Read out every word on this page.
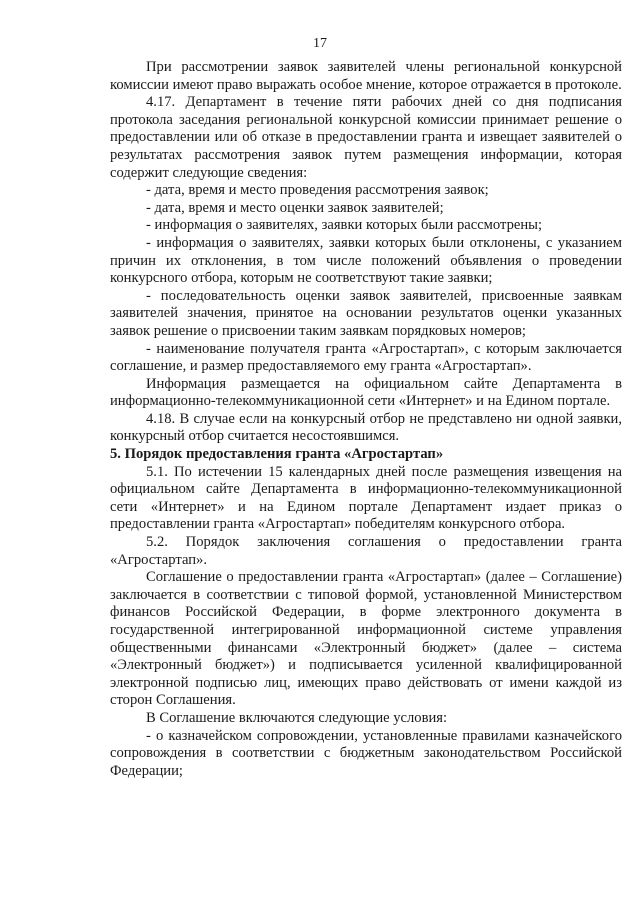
17

При рассмотрении заявок заявителей члены региональной конкурсной комиссии имеют право выражать особое мнение, которое отражается в протоколе.

4.17. Департамент в течение пяти рабочих дней со дня подписания протокола заседания региональной конкурсной комиссии принимает решение о предоставлении или об отказе в предоставлении гранта и извещает заявителей о результатах рассмотрения заявок путем размещения информации, которая содержит следующие сведения:

- дата, время и место проведения рассмотрения заявок;

- дата, время и место оценки заявок заявителей;

- информация о заявителях, заявки которых были рассмотрены;

- информация о заявителях, заявки которых были отклонены, с указанием причин их отклонения, в том числе положений объявления о проведении конкурсного отбора, которым не соответствуют такие заявки;

- последовательность оценки заявок заявителей, присвоенные заявкам заявителей значения, принятое на основании результатов оценки указанных заявок решение о присвоении таким заявкам порядковых номеров;

- наименование получателя гранта «Агростартап», с которым заключается соглашение, и размер предоставляемого ему гранта «Агростартап».

Информация размещается на официальном сайте Департамента в информационно-телекоммуникационной сети «Интернет» и на Едином портале.

4.18. В случае если на конкурсный отбор не представлено ни одной заявки, конкурсный отбор считается несостоявшимся.

5. Порядок предоставления гранта «Агростартап»

5.1. По истечении 15 календарных дней после размещения извещения на официальном сайте Департамента в информационно-телекоммуникационной сети «Интернет» и на Едином портале Департамент издает приказ о предоставлении гранта «Агростартап» победителям конкурсного отбора.

5.2. Порядок заключения соглашения о предоставлении гранта «Агростартап».

Соглашение о предоставлении гранта «Агростартап» (далее – Соглашение) заключается в соответствии с типовой формой, установленной Министерством финансов Российской Федерации, в форме электронного документа в государственной интегрированной информационной системе управления общественными финансами «Электронный бюджет» (далее – система «Электронный бюджет») и подписывается усиленной квалифицированной электронной подписью лиц, имеющих право действовать от имени каждой из сторон Соглашения.

В Соглашение включаются следующие условия:

- о казначейском сопровождении, установленные правилами казначейского сопровождения в соответствии с бюджетным законодательством Российской Федерации;
